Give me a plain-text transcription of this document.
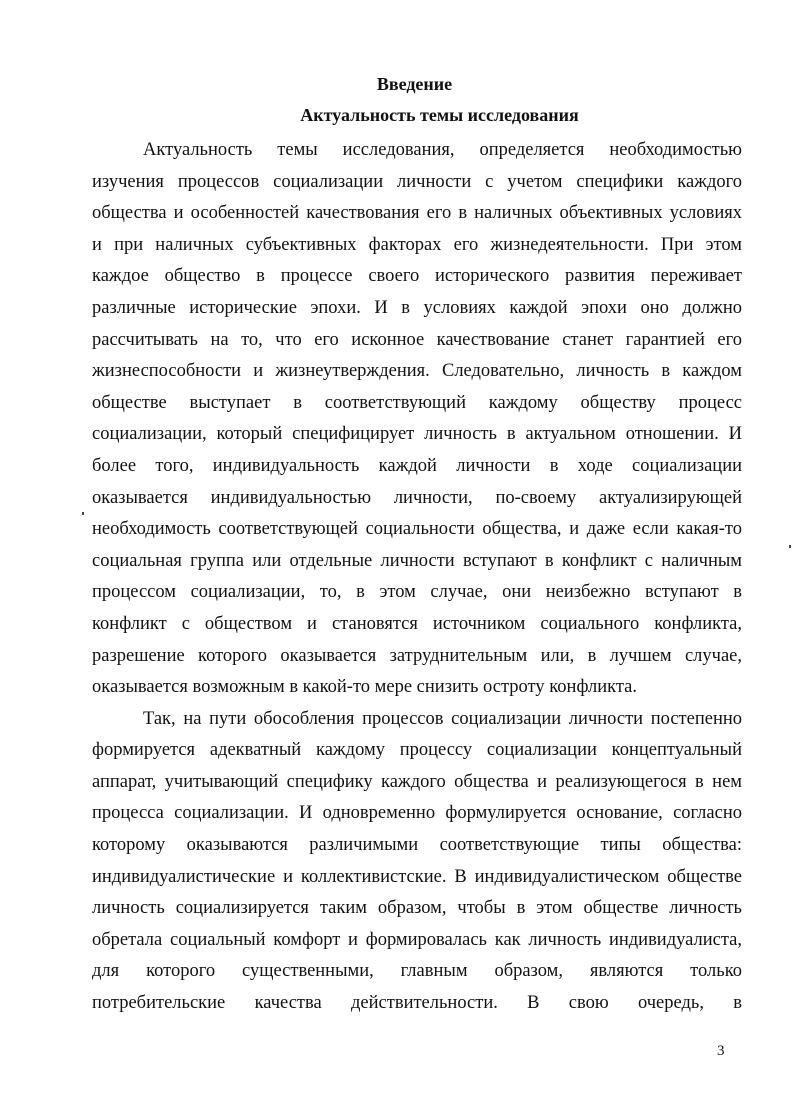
Введение
Актуальность темы исследования
Актуальность темы исследования, определяется необходимостью
изучения процессов социализации личности с учетом специфики каждого
общества и особенностей качествования его в наличных объективных условиях
и при наличных субъективных факторах его жизнедеятельности. При этом
каждое общество в процессе своего исторического развития переживает
различные исторические эпохи. И в условиях каждой эпохи оно должно
рассчитывать на то, что его исконное качествование станет гарантией его
жизнеспособности и жизнеутверждения. Следовательно, личность в каждом
обществе выступает в соответствующий каждому обществу процесс
социализации, который специфицирует личность в актуальном отношении. И
более того, индивидуальность каждой личности в ходе социализации
оказывается индивидуальностью личности, по-своему актуализирующей
необходимость соответствующей социальности общества, и даже если какая-то
социальная группа или отдельные личности вступают в конфликт с наличным
процессом социализации, то, в этом случае, они неизбежно вступают в
конфликт с обществом и становятся источником социального конфликта,
разрешение которого оказывается затруднительным или, в лучшем случае,
оказывается возможным в какой-то мере снизить остроту конфликта.
Так, на пути обособления процессов социализации личности постепенно
формируется адекватный каждому процессу социализации концептуальный
аппарат, учитывающий специфику каждого общества и реализующегося в нем
процесса социализации. И одновременно формулируется основание, согласно
которому оказываются различимыми соответствующие типы общества:
индивидуалистические и коллективистские. В индивидуалистическом обществе
личность социализируется таким образом, чтобы в этом обществе личность
обретала социальный комфорт и формировалась как личность индивидуалиста,
для которого существенными, главным образом, являются только
потребительские качества действительности. В свою очередь, в
3
